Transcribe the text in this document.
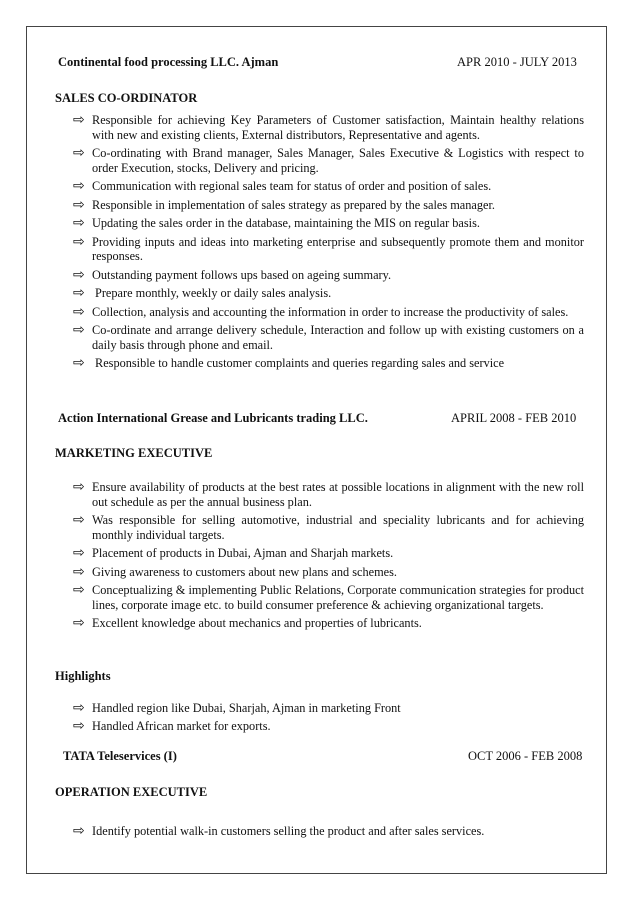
Continental food processing LLC. Ajman	APR 2010 - JULY 2013
SALES CO-ORDINATOR
⇨ Responsible for achieving Key Parameters of Customer satisfaction, Maintain healthy relations with new and existing clients, External distributors, Representative and agents.
⇨ Co-ordinating with Brand manager, Sales Manager, Sales Executive & Logistics with respect to order Execution, stocks, Delivery and pricing.
⇨ Communication with regional sales team for status of order and position of sales.
⇨ Responsible in implementation of sales strategy as prepared by the sales manager.
⇨ Updating the sales order in the database, maintaining the MIS on regular basis.
⇨ Providing inputs and ideas into marketing enterprise and subsequently promote them and monitor responses.
⇨ Outstanding payment follows ups based on ageing summary.
⇨ Prepare monthly, weekly or daily sales analysis.
⇨ Collection, analysis and accounting the information in order to increase the productivity of sales.
⇨ Co-ordinate and arrange delivery schedule, Interaction and follow up with existing customers on a daily basis through phone and email.
⇨ Responsible to handle customer complaints and queries regarding sales and service
Action International Grease and Lubricants trading LLC.	APRIL 2008 - FEB 2010
MARKETING EXECUTIVE
⇨ Ensure availability of products at the best rates at possible locations in alignment with the new roll out schedule as per the annual business plan.
⇨ Was responsible for selling automotive, industrial and speciality lubricants and for achieving monthly individual targets.
⇨ Placement of products in Dubai, Ajman and Sharjah markets.
⇨ Giving awareness to customers about new plans and schemes.
⇨ Conceptualizing & implementing Public Relations, Corporate communication strategies for product lines, corporate image etc. to build consumer preference & achieving organizational targets.
⇨ Excellent knowledge about mechanics and properties of lubricants.
Highlights
⇨ Handled region like Dubai, Sharjah, Ajman in marketing Front
⇨ Handled African market for exports.
TATA Teleservices (I)	OCT 2006 - FEB 2008
OPERATION EXECUTIVE
⇨ Identify potential walk-in customers selling the product and after sales services.
